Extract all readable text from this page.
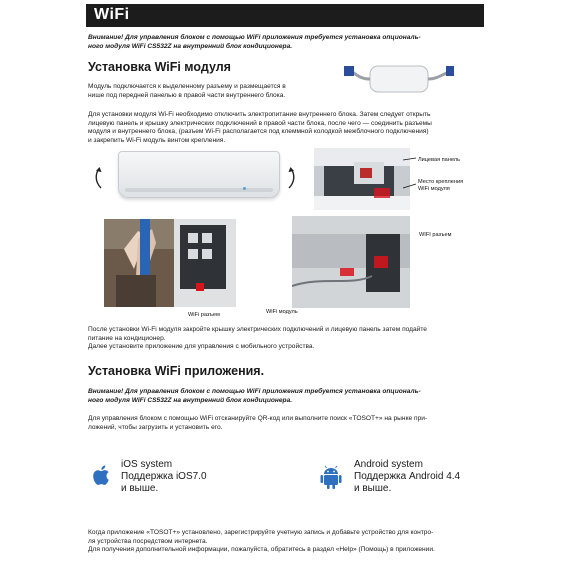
WiFi
Внимание! Для управления блоком с помощью WiFi приложения требуется установка опциональ-
ного модуля WiFi CS532Z на внутренний блок кондиционера.
Установка WiFi модуля
Модуль подключается к выделенному разъему и размещается в
нише под передней панелью в правой части внутреннего блока.
Для установки модуля Wi-Fi необходимо отключить электропитание внутреннего блока. Затем следует открыть
лицевую панель и крышку электрических подключений в правой части блока, после чего — соединить разъемы
модуля и внутреннего блока, (разъем Wi-Fi располагается под клеммной колодкой межблочного подключения)
и закрепить Wi-Fi модуль винтом крепления.
Лицевая панель
Место крепления
WiFi модуля
WiFi разъем
WIFI разъем
WiFi модуль
После установки Wi-Fi модуля закройте крышку электрических подключений и лицевую панель затем подайте
питание на кондиционер.
Далее установите приложение для управления с мобильного устройства.
Установка WiFi приложения.
Внимание! Для управления блоком с помощью WiFi приложения требуется установка опциональ-
ного модуля WiFi CS532Z на внутренний блок кондиционера.
Для управления блоком с помощью WiFi отсканируйте QR-код или выполните поиск «TOSOT+» на рынке при-
ложений, чтобы загрузить и установить его.
iOS system
Поддержка iOS7.0
и выше.
Android system
Поддержка Android 4.4
и выше.
Когда приложение «TOSOT+» установлено, зарегистрируйте учетную запись и добавьте устройство для контро-
ля устройства посредством интернета.
Для получения дополнительной информации, пожалуйста, обратитесь в раздел «Help» (Помощь) в приложении.
